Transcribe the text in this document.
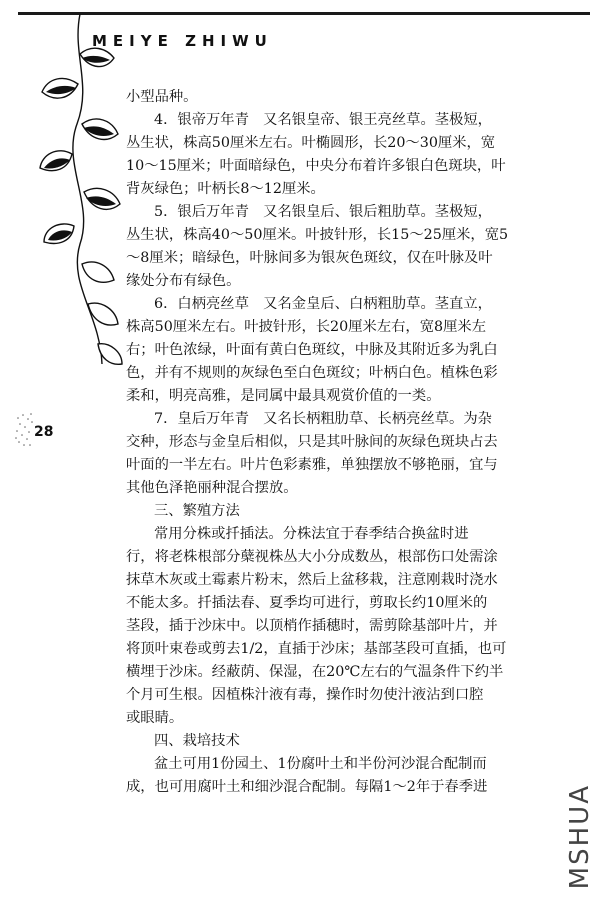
MEIYE ZHIWU
28
小型品种。
4．银帝万年青　又名银皇帝、银王亮丝草。茎极短，
丛生状，株高50厘米左右。叶椭圆形，长20～30厘米，宽
10～15厘米；叶面暗绿色，中央分布着许多银白色斑块，叶
背灰绿色；叶柄长8～12厘米。
5．银后万年青　又名银皇后、银后粗肋草。茎极短，
丛生状，株高40～50厘米。叶披针形，长15～25厘米，宽5
～8厘米；暗绿色，叶脉间多为银灰色斑纹，仅在叶脉及叶
缘处分布有绿色。
6．白柄亮丝草　又名金皇后、白柄粗肋草。茎直立，
株高50厘米左右。叶披针形，长20厘米左右，宽8厘米左
右；叶色浓绿，叶面有黄白色斑纹，中脉及其附近多为乳白
色，并有不规则的灰绿色至白色斑纹；叶柄白色。植株色彩
柔和，明亮高雅，是同属中最具观赏价值的一类。
7．皇后万年青　又名长柄粗肋草、长柄亮丝草。为杂
交种，形态与金皇后相似，只是其叶脉间的灰绿色斑块占去
叶面的一半左右。叶片色彩素雅，单独摆放不够艳丽，宜与
其他色泽艳丽种混合摆放。
三、繁殖方法
常用分株或扦插法。分株法宜于春季结合换盆时进
行，将老株根部分蘖视株丛大小分成数丛，根部伤口处需涂
抹草木灰或土霉素片粉末，然后上盆移栽，注意刚栽时浇水
不能太多。扦插法春、夏季均可进行，剪取长约10厘米的
茎段，插于沙床中。以顶梢作插穗时，需剪除基部叶片，并
将顶叶束卷或剪去1/2，直插于沙床；基部茎段可直插，也可
横埋于沙床。经蔽荫、保湿，在20℃左右的气温条件下约半
个月可生根。因植株汁液有毒，操作时勿使汁液沾到口腔
或眼睛。
四、栽培技术
盆土可用1份园土、1份腐叶土和半份河沙混合配制而
成，也可用腐叶土和细沙混合配制。每隔1～2年于春季进	MSHUA
